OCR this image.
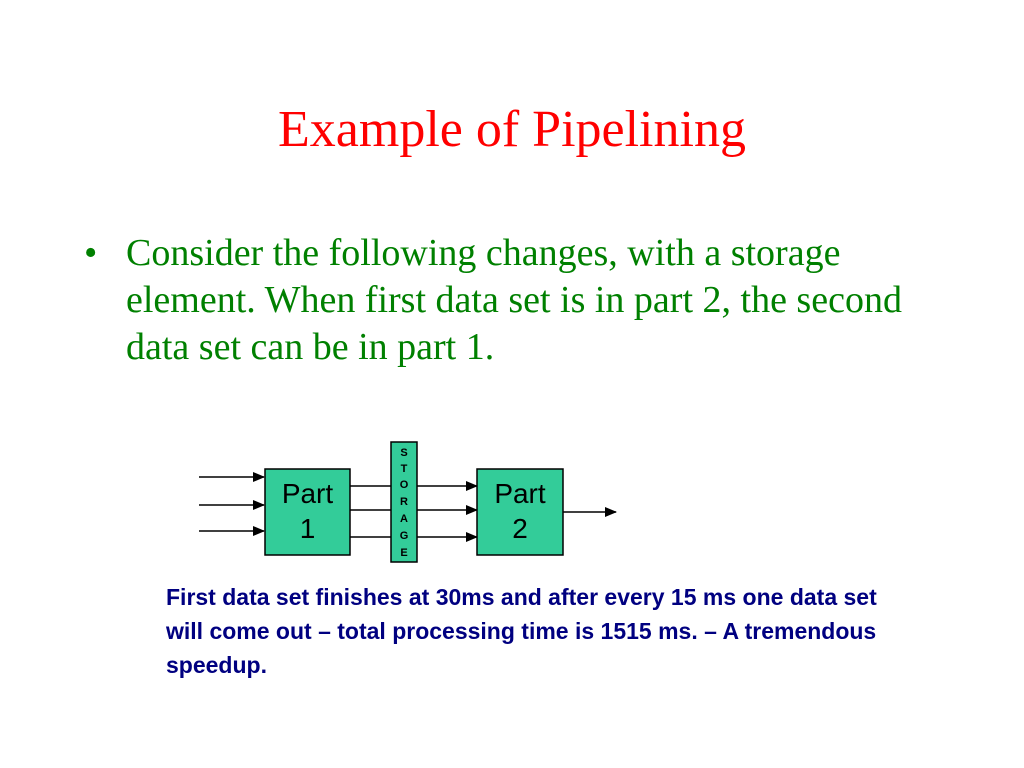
Example of Pipelining
• Consider the following changes, with a storage element. When first data set is in part 2, the second data set can be in part 1.
Part
1
S
T
O
R
A
G
E
Part
2

First data set finishes at 30ms and after every 15 ms one data set will come out – total processing time is 1515 ms. – A tremendous speedup.
